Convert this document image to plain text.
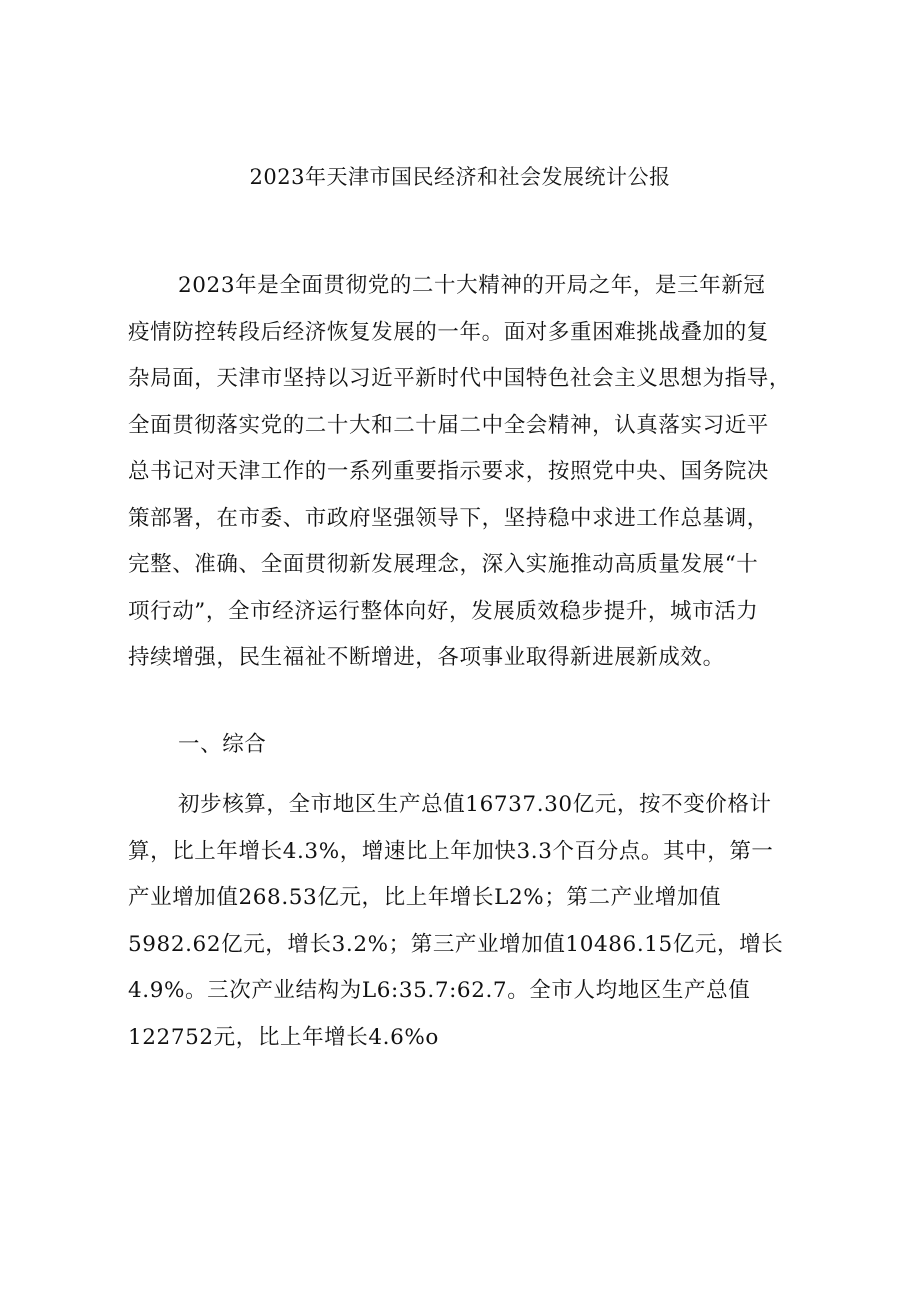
2023年天津市国民经济和社会发展统计公报
2023年是全面贯彻党的二十大精神的开局之年，是三年新冠
疫情防控转段后经济恢复发展的一年。面对多重困难挑战叠加的复
杂局面，天津市坚持以习近平新时代中国特色社会主义思想为指导，
全面贯彻落实党的二十大和二十届二中全会精神，认真落实习近平
总书记对天津工作的一系列重要指示要求，按照党中央、国务院决
策部署，在市委、市政府坚强领导下，坚持稳中求进工作总基调，
完整、准确、全面贯彻新发展理念，深入实施推动高质量发展“十
项行动”，全市经济运行整体向好，发展质效稳步提升，城市活力
持续增强，民生福祉不断增进，各项事业取得新进展新成效。
一、综合
初步核算，全市地区生产总值16737.30亿元，按不变价格计
算，比上年增长4.3%，增速比上年加快3.3个百分点。其中，第一
产业增加值268.53亿元，比上年增长L2%；第二产业增加值
5982.62亿元，增长3.2%；第三产业增加值10486.15亿元，增长
4.9%。三次产业结构为L6:35.7:62.7。全市人均地区生产总值
122752元，比上年增长4.6%o
